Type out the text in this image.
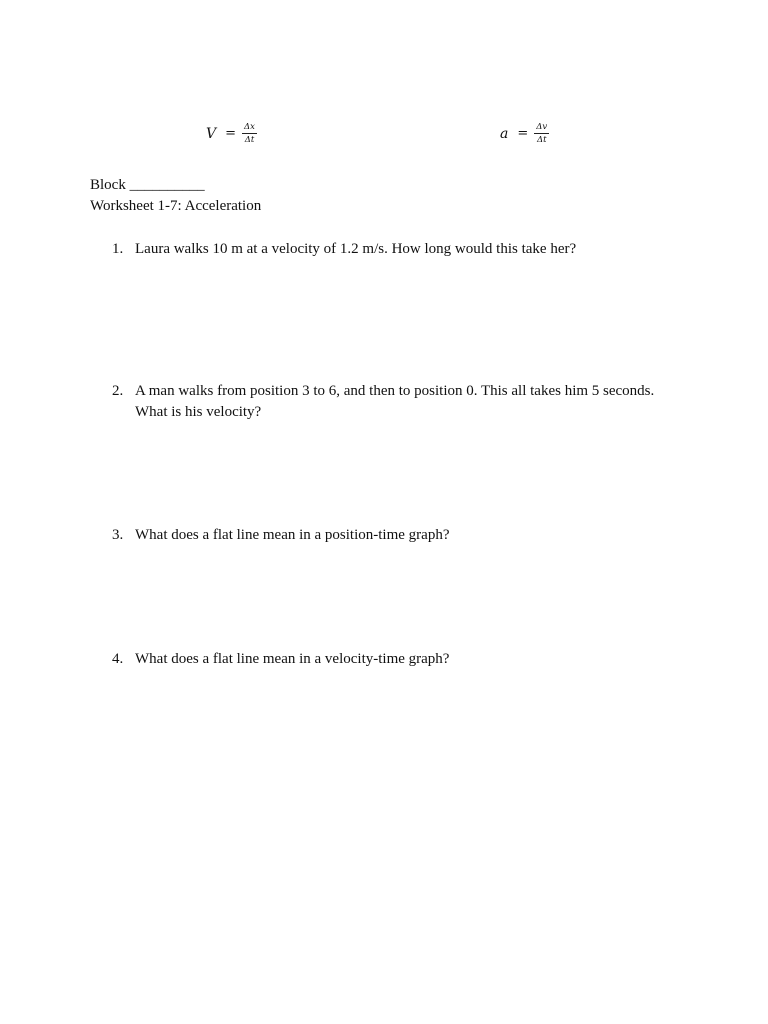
$V = \frac{\Delta x}{\Delta t}$	$a = \frac{\Delta v}{\Delta t}$
Block __________
Worksheet 1-7: Acceleration
1. Laura walks 10 m at a velocity of 1.2 m/s. How long would this take her?
2. A man walks from position 3 to 6, and then to position 0. This all takes him 5 seconds. What is his velocity?
3. What does a flat line mean in a position-time graph?
4. What does a flat line mean in a velocity-time graph?
